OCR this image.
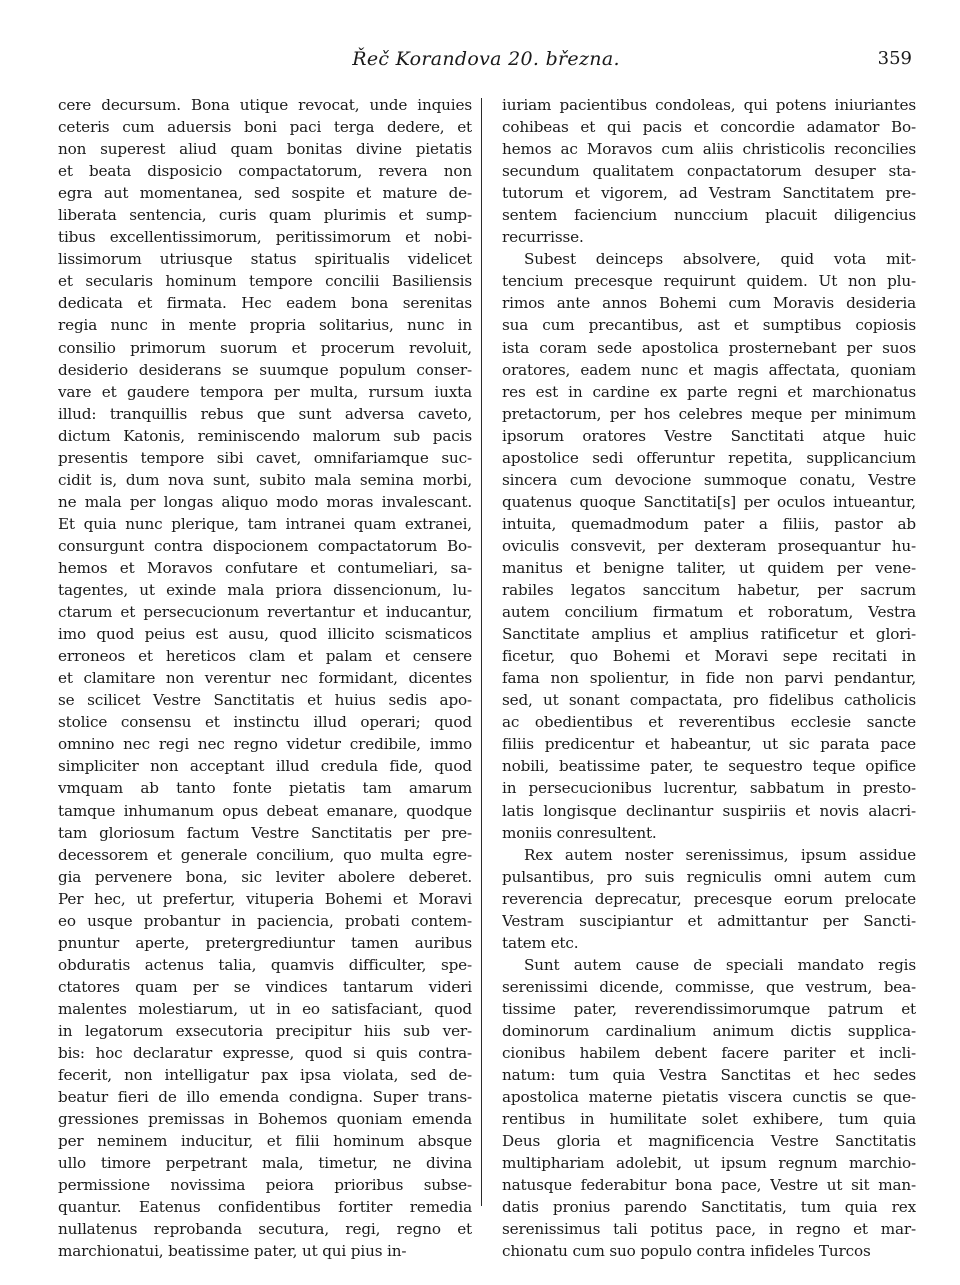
Řeč Korandova 20. března.	359
cere decursum. Bona utique revocat, unde inquies
ceteris cum aduersis boni paci terga dedere, et
non superest aliud quam bonitas divine pietatis
et beata disposicio compactatorum, revera non
egra aut momentanea, sed sospite et mature de-
liberata sentencia, curis quam plurimis et sump-
tibus excellentissimorum, peritissimorum et nobi-
lissimorum utriusque status spiritualis videlicet
et secularis hominum tempore concilii Basiliensis
dedicata et firmata. Hec eadem bona serenitas
regia nunc in mente propria solitarius, nunc in
consilio primorum suorum et procerum revoluit,
desiderio desiderans se suumque populum conser-
vare et gaudere tempora per multa, rursum iuxta
illud: tranquillis rebus que sunt adversa caveto,
dictum Katonis, reminiscendo malorum sub pacis
presentis tempore sibi cavet, omnifariamque suc-
cidit is, dum nova sunt, subito mala semina morbi,
ne mala per longas aliquo modo moras invalescant.
Et quia nunc plerique, tam intranei quam extranei,
consurgunt contra dispocionem compactatorum Bo-
hemos et Moravos confutare et contumeliari, sa-
tagentes, ut exinde mala priora dissencionum, lu-
ctarum et persecucionum revertantur et inducantur,
imo quod peius est ausu, quod illicito scismaticos
erroneos et hereticos clam et palam et censere
et clamitare non verentur nec formidant, dicentes
se scilicet Vestre Sanctitatis et huius sedis apo-
stolice consensu et instinctu illud operari; quod
omnino nec regi nec regno videtur credibile, immo
simpliciter non acceptant illud credula fide, quod
vmquam ab tanto fonte pietatis tam amarum
tamque inhumanum opus debeat emanare, quodque
tam gloriosum factum Vestre Sanctitatis per pre-
decessorem et generale concilium, quo multa egre-
gia pervenere bona, sic leviter abolere deberet.
Per hec, ut prefertur, vituperia Bohemi et Moravi
eo usque probantur in paciencia, probati contem-
pnuntur aperte, pretergrediuntur tamen auribus
obduratis actenus talia, quamvis difficulter, spe-
ctatores quam per se vindices tantarum videri
malentes molestiarum, ut in eo satisfaciant, quod
in legatorum exsecutoria precipitur hiis sub ver-
bis: hoc declaratur expresse, quod si quis contra-
fecerit, non intelligatur pax ipsa violata, sed de-
beatur fieri de illo emenda condigna. Super trans-
gressiones premissas in Bohemos quoniam emenda
per neminem inducitur, et filii hominum absque
ullo timore perpetrant mala, timetur, ne divina
permissione novissima peiora prioribus subse-
quantur. Eatenus confidentibus fortiter remedia
nullatenus reprobanda secutura, regi, regno et
marchionatui, beatissime pater, ut qui pius in-
iuriam pacientibus condoleas, qui potens iniuriantes
cohibeas et qui pacis et concordie adamator Bo-
hemos ac Moravos cum aliis christicolis reconcilies
secundum qualitatem conpactatorum desuper sta-
tutorum et vigorem, ad Vestram Sanctitatem pre-
sentem faciencium nunccium placuit diligencius
recurrisse.
Subest deinceps absolvere, quid vota mit-
tencium precesque requirunt quidem. Ut non plu-
rimos ante annos Bohemi cum Moravis desideria
sua cum precantibus, ast et sumptibus copiosis
ista coram sede apostolica prosternebant per suos
oratores, eadem nunc et magis affectata, quoniam
res est in cardine ex parte regni et marchionatus
pretactorum, per hos celebres meque per minimum
ipsorum oratores Vestre Sanctitati atque huic
apostolice sedi offeruntur repetita, supplicancium
sincera cum devocione summoque conatu, Vestre
quatenus quoque Sanctitati[s] per oculos intueantur,
intuita, quemadmodum pater a filiis, pastor ab
oviculis consvevit, per dexteram prosequantur hu-
manitus et benigne taliter, ut quidem per vene-
rabiles legatos sanccitum habetur, per sacrum
autem concilium firmatum et roboratum, Vestra
Sanctitate amplius et amplius ratificetur et glori-
ficetur, quo Bohemi et Moravi sepe recitati in
fama non spolientur, in fide non parvi pendantur,
sed, ut sonant compactata, pro fidelibus catholicis
ac obedientibus et reverentibus ecclesie sancte
filiis predicentur et habeantur, ut sic parata pace
nobili, beatissime pater, te sequestro teque opifice
in persecucionibus lucrentur, sabbatum in presto-
latis longisque declinantur suspiriis et novis alacri-
moniis conresultent.
Rex autem noster serenissimus, ipsum assidue
pulsantibus, pro suis regniculis omni autem cum
reverencia deprecatur, precesque eorum prelocate
Vestram suscipiantur et admittantur per Sancti-
tatem etc.
Sunt autem cause de speciali mandato regis
serenissimi dicende, commisse, que vestrum, bea-
tissime pater, reverendissimorumque patrum et
dominorum cardinalium animum dictis supplica-
cionibus habilem debent facere pariter et incli-
natum: tum quia Vestra Sanctitas et hec sedes
apostolica materne pietatis viscera cunctis se que-
rentibus in humilitate solet exhibere, tum quia
Deus gloria et magnificencia Vestre Sanctitatis
multiphariam adolebit, ut ipsum regnum marchio-
natusque federabitur bona pace, Vestre ut sit man-
datis pronius parendo Sanctitatis, tum quia rex
serenissimus tali potitus pace, in regno et mar-
chionatu cum suo populo contra infideles Turcos
